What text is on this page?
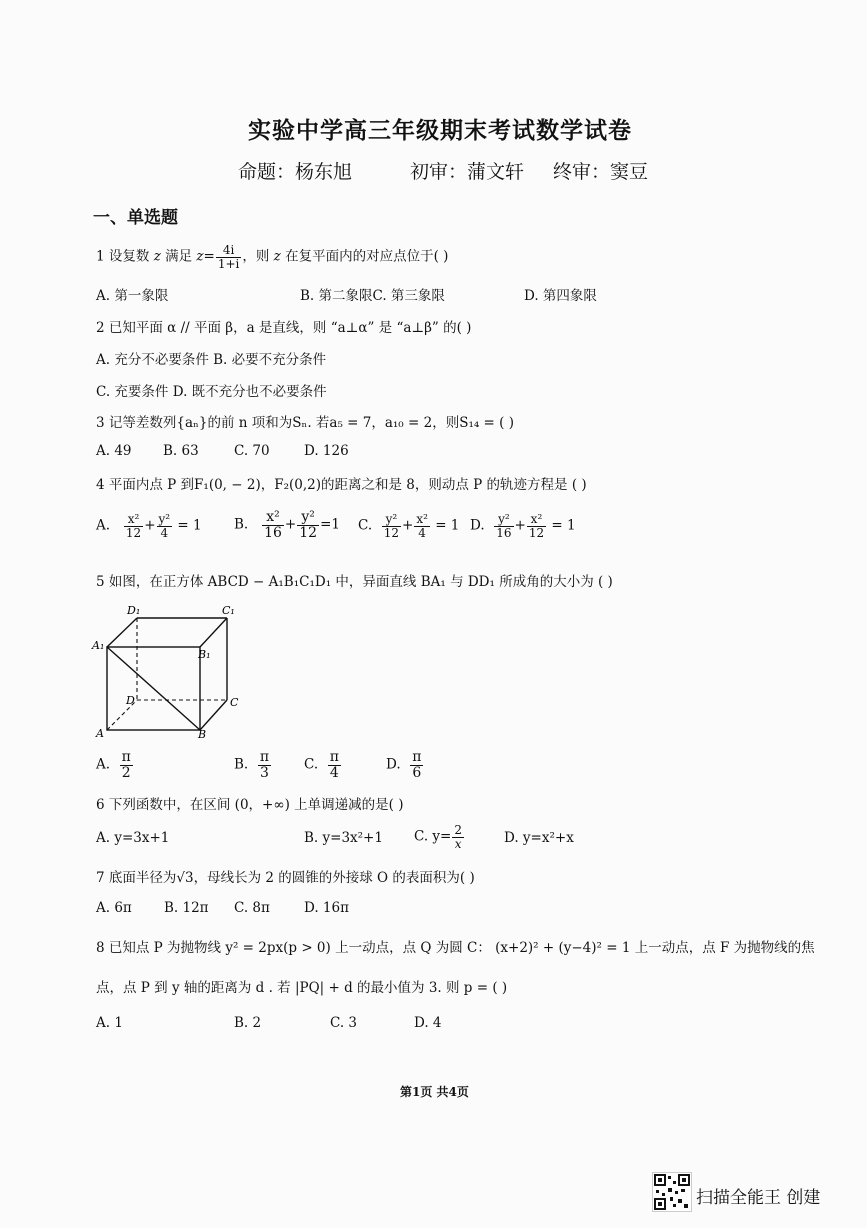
实验中学高三年级期末考试数学试卷
命题：杨东旭	初审：蒲文轩 终审：窦豆
一、单选题
1 设复数 z 满足 $z= \frac{4i}{1+i}$ ，则 z 在复平面内的对应点位于( )
A. 第一象限	B. 第二象限C. 第三象限	D. 第四象限
2 已知平面 α // 平面 β，a 是直线，则 “a⊥α” 是 “a⊥β” 的( )
A. 充分不必要条件 B. 必要不充分条件
C. 充要条件 D. 既不充分也不必要条件
3 记等差数列{aₙ}的前 n 项和为Sₙ. 若a₅ = 7，a₁₀ = 2，则S₁₄ = ( )
A. 49 B. 63	C. 70	D. 126
4 平面内点 P 到F₁(0, − 2)，F₂(0,2)的距离之和是 8，则动点 P 的轨迹方程是 ( )
A. $\frac{\text{x²}}{12} + \frac{\text{y²}}{4} = 1$ B. $\frac{\text{x²}}{16} + \frac{\text{y²}}{12} =1$ C. $\frac{\text{y²}}{12} + \frac{\text{x²}}{4} = 1$ D. $\frac{\text{y²}}{16} + \frac{\text{x²}}{12} = 1$
5 如图，在正方体 ABCD − A₁B₁C₁D₁ 中，异面直线 BA₁ 与 DD₁ 所成角的大小为 ( )
D₁	C₁
A₁
B₁
D	C
A	B
A. $\frac{\pi}{2}$	B. $\frac{\pi}{3} C$. $\frac{\pi}{4}$	D. $\frac{\pi}{6}$
6 下列函数中，在区间 (0，+∞) 上单调递减的是( )
A. y=3x+1	B. y=3x²+1 C. $y= \frac{2}{x}$	D. y=x²+x
7 底面半径为√3，母线长为 2 的圆锥的外接球 O 的表面积为( )
A. 6π B. 12π C. 8π	D. 16π
8 已知点 P 为抛物线 y² = 2px(p > 0) 上一动点，点 Q 为圆 C： (x+2)² + (y−4)² = 1 上一动点，点 F 为抛物线的焦
点，点 P 到 y 轴的距离为 d . 若 |PQ| + d 的最小值为 3. 则 p = ( )
A. 1	B. 2	C. 3	D. 4
第1页 共4页
扫描全能王 创建
